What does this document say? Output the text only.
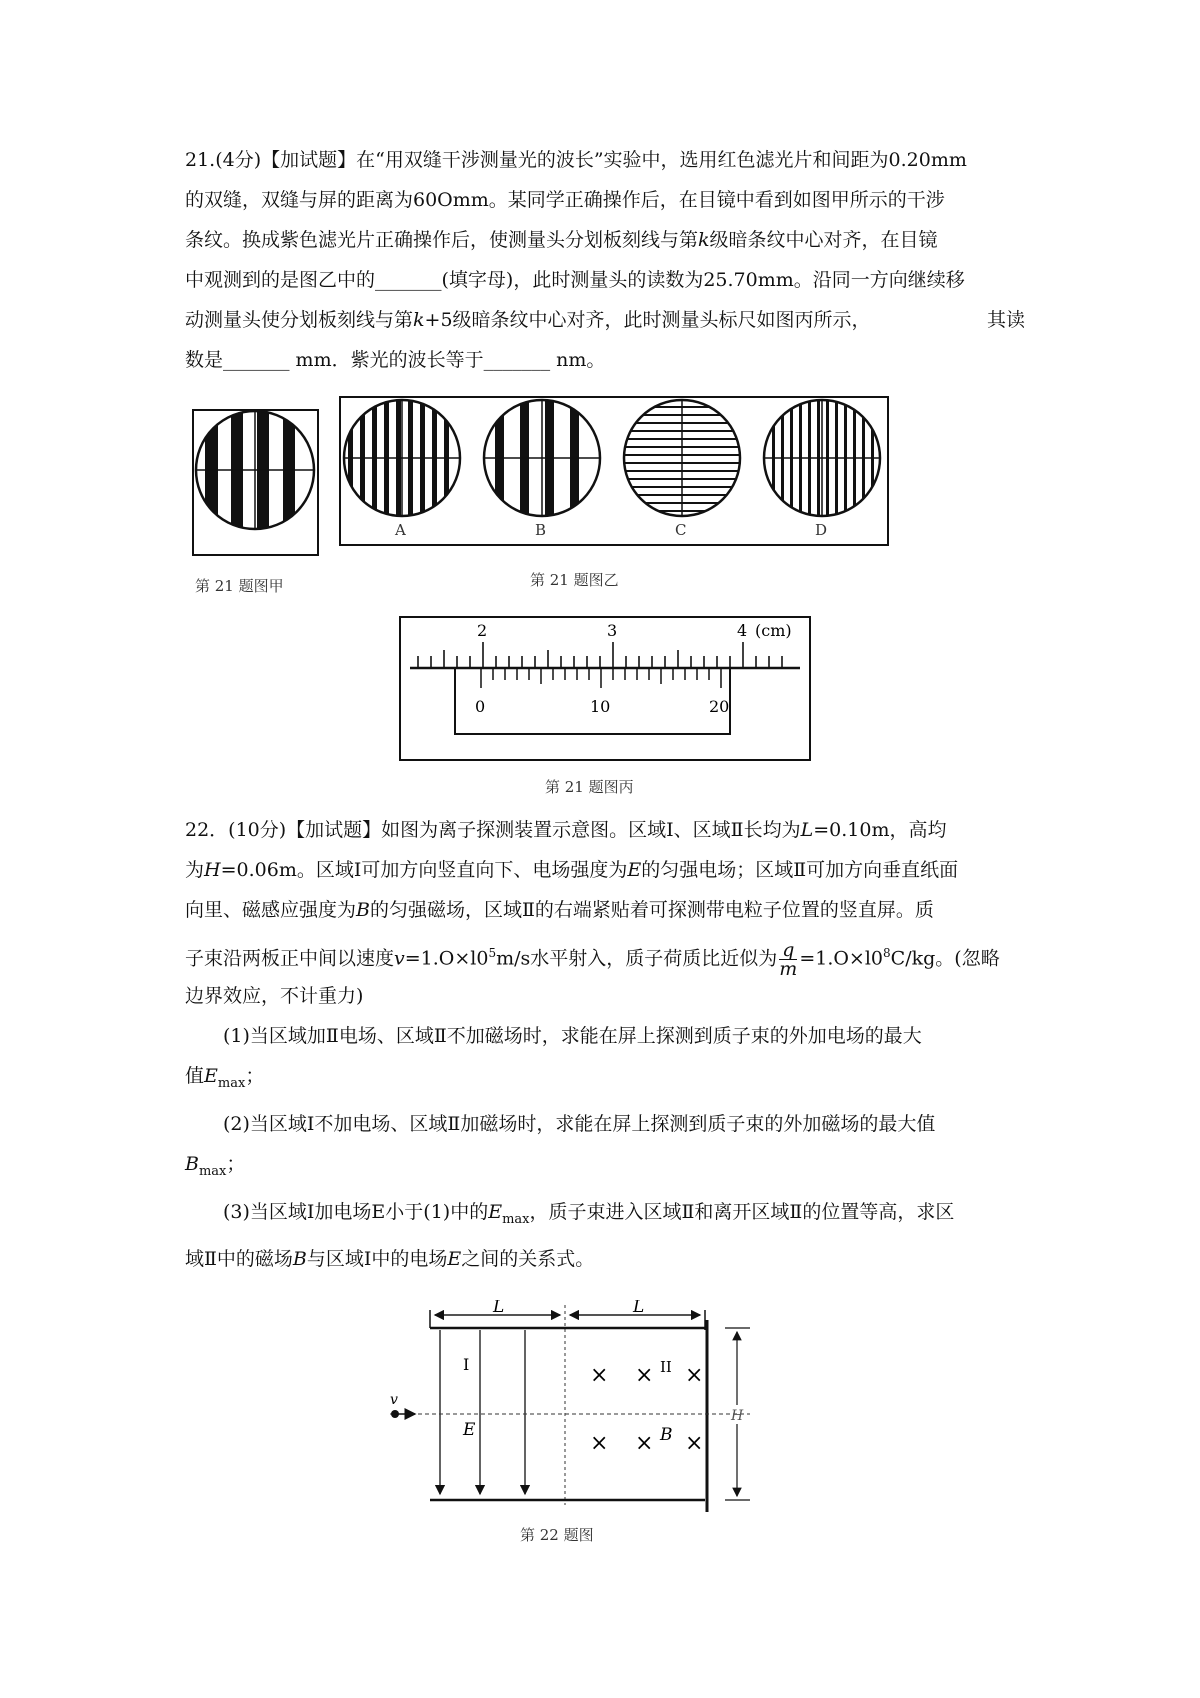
21.(4分)【加试题】在“用双缝干涉测量光的波长”实验中，选用红色滤光片和间距为0.20mm
的双缝，双缝与屏的距离为60Omm。某同学正确操作后，在目镜中看到如图甲所示的干涉
条纹。换成紫色滤光片正确操作后，使测量头分划板刻线与第k级暗条纹中心对齐，在目镜
中观测到的是图乙中的_______(填字母)，此时测量头的读数为25.70mm。沿同一方向继续移
动测量头使分划板刻线与第k+5级暗条纹中心对齐，此时测量头标尺如图丙所示，	其读
数是_______ mm．紫光的波长等于_______ nm。
第 21 题图甲
A	B	C	D
第 21 题图乙
2	3	4 (cm)
0	10	20
第 21 题图丙
22．(10分)【加试题】如图为离子探测装置示意图。区域I、区域Ⅱ长均为L=0.10m，高均
为H=0.06m。区域I可加方向竖直向下、电场强度为E的匀强电场；区域Ⅱ可加方向垂直纸面
向里、磁感应强度为B的匀强磁场，区域Ⅱ的右端紧贴着可探测带电粒子位置的竖直屏。质
子束沿两板正中间以速度$v=1.O\times l0^5m/s$水平射入，质子荷质比近似为 $\frac{q}{m} =1.O\times l0^8C/kg$。(忽略
边界效应，不计重力)
(1)当区域加Ⅱ电场、区域Ⅱ不加磁场时，求能在屏上探测到质子束的外加电场的最大
值$E_{max}$；
(2)当区域I不加电场、区域Ⅱ加磁场时，求能在屏上探测到质子束的外加磁场的最大值
$B_{max}$；
(3)当区域I加电场E小于(1)中的$E_{max}$，质子束进入区域Ⅱ和离开区域Ⅱ的位置等高，求区
域Ⅱ中的磁场B与区域I中的电场E之间的关系式。
L	L
I
E
v
× × ×
× × ×
II
B
H
第 22 题图
